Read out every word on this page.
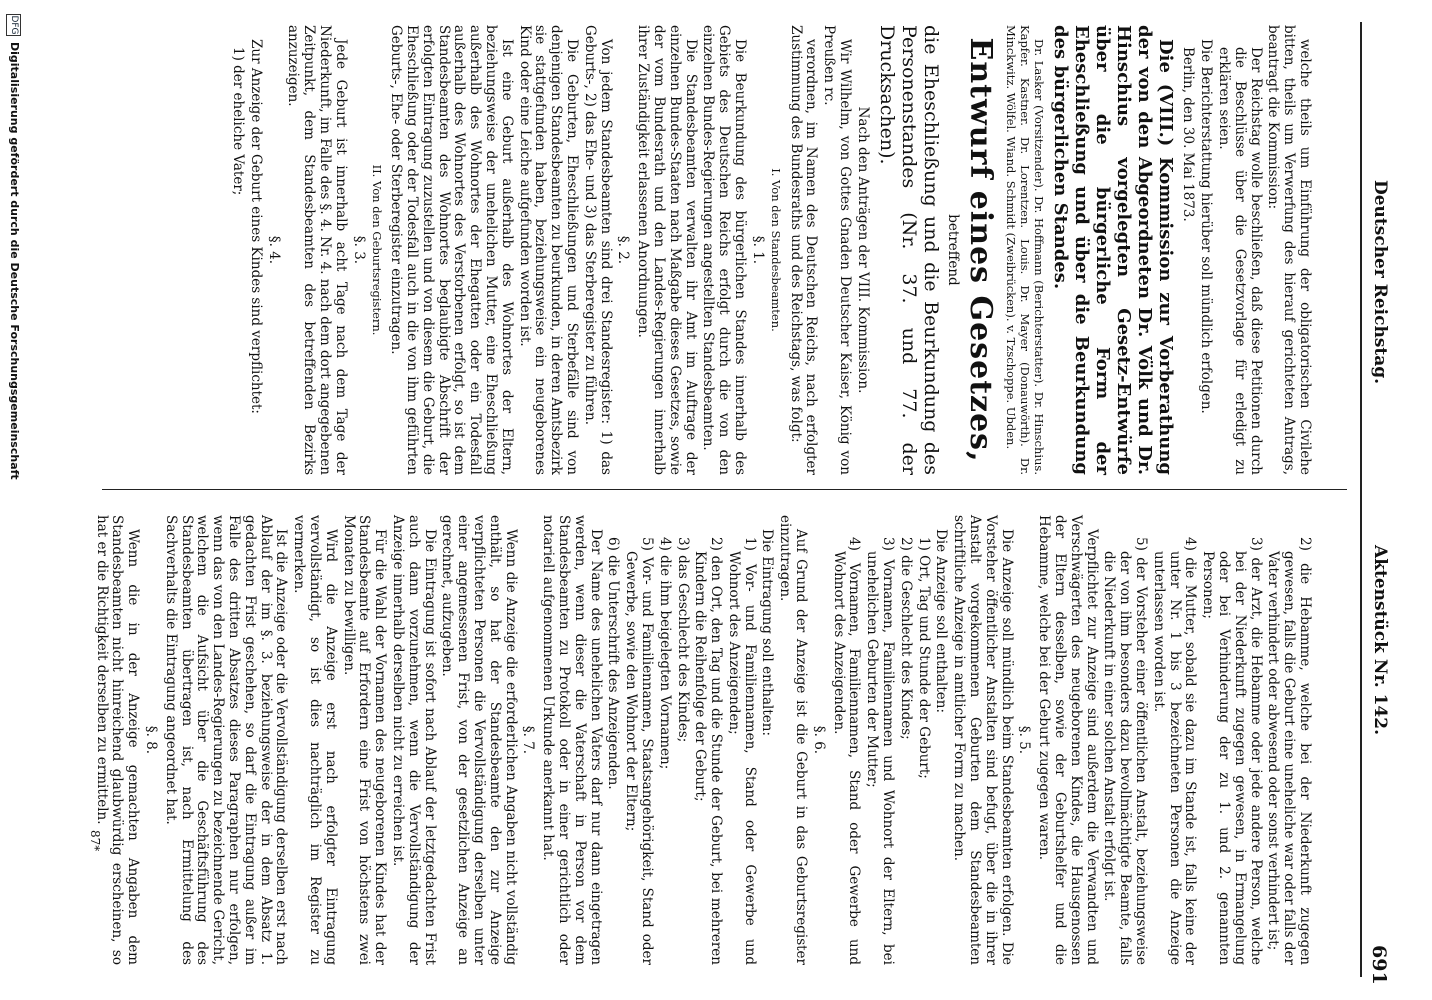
Deutscher Reichstag.
Aktenstück Nr. 142.
691

welche theils um Einführung der obligatorischen Civilehe bitten, theils um Verwerfung des hierauf gerichteten Antrags, beantragt die Kommission:

Der Reichstag wolle beschließen, daß diese Petitionen durch die Beschlüsse über die Gesetzvorlage für erledigt zu erklären seien.

Die Berichterstattung hierüber soll mündlich erfolgen.

Berlin, den 30. Mai 1873.

Die (VIII.) Kommission zur Vorberathung der von den Abgeordneten Dr. Völk und Dr. Hinschius vorgelegten Gesetz-Entwürfe über die bürgerliche Form der Eheschließung und über die Beurkundung des bürgerlichen Standes.

Dr. Lasker (Vorsitzender). Dr. Hoffmann (Berichterstatter). Dr. Hinschius. Kapfer. Kastner. Dr. Lorentzen. Louis. Dr. Mayer (Donauwörth). Dr. Minckwitz. Wölfel. Wiand. Schmidt (Zweibrücken). v. Tzschoppe. Ubden.

Entwurf eines Gesetzes,

betreffend

die Eheschließung und die Beurkundung des Personenstandes (Nr. 37. und 77. der Drucksachen).

Nach den Anträgen der VIII. Kommission.

Wir Wilhelm, von Gottes Gnaden Deutscher Kaiser, König von Preußen rc.

verordnen, im Namen des Deutschen Reichs, nach erfolgter Zustimmung des Bundesraths und des Reichstags, was folgt:

I. Von den Standesbeamten.

§. 1.

Die Beurkundung des bürgerlichen Standes innerhalb des Gebiets des Deutschen Reichs erfolgt durch die von den einzelnen Bundes-Regierungen angestellten Standesbeamten.

Die Standesbeamten verwalten ihr Amt im Auftrage der einzelnen Bundes-Staaten nach Maßgabe dieses Gesetzes, sowie der vom Bundesrath und den Landes-Regierungen innerhalb ihrer Zuständigkeit erlassenen Anordnungen.

§. 2.

Von jedem Standesbeamten sind drei Standesregister: 1) das Geburts-, 2) das Ehe- und 3) das Sterberegister zu führen.

Die Geburten, Eheschließungen und Sterbefälle sind von denjenigen Standesbeamten zu beurkunden, in deren Amtsbezirk sie stattgefunden haben, beziehungsweise ein neugeborenes Kind oder eine Leiche aufgefunden worden ist.

Ist eine Geburt außerhalb des Wohnortes der Eltern, beziehungsweise der unehelichen Mutter, eine Eheschließung außerhalb des Wohnortes der Ehegatten oder ein Todesfall außerhalb des Wohnortes des Verstorbenen erfolgt, so ist dem Standesbeamten des Wohnortes beglaubigte Abschrift der erfolgten Eintragung zuzustellen und von diesem die Geburt, die Eheschließung oder der Todesfall auch in die von ihm geführten Geburts-, Ehe- oder Sterberegister einzutragen.

II. Von den Geburtsregistern.

§. 3.

Jede Geburt ist innerhalb acht Tage nach dem Tage der Niederkunft, im Falle des §. 4. Nr. 4. nach dem dort angegebenen Zeitpunkt, dem Standesbeamten des betreffenden Bezirks anzuzeigen.

§. 4.

Zur Anzeige der Geburt eines Kindes sind verpflichtet:

1) der eheliche Vater;

2) die Hebamme, welche bei der Niederkunft zugegen gewesen, falls die Geburt eine uneheliche war oder falls der Vater verhindert oder abwesend oder sonst verhindert ist;

3) der Arzt, die Hebamme oder jede andere Person, welche bei der Niederkunft zugegen gewesen, in Ermangelung oder bei Verhinderung der zu 1. und 2. genannten Personen;

4) die Mutter, sobald sie dazu im Stande ist, falls keine der unter Nr. 1 bis 3 bezeichneten Personen die Anzeige unterlassen worden ist.

5) der Vorsteher einer öffentlichen Anstalt, beziehungsweise der von ihm besonders dazu bevollmächtigte Beamte, falls die Niederkunft in einer solchen Anstalt erfolgt ist.

Verpflichtet zur Anzeige sind außerdem die Verwandten und Verschwägerten des neugeborenen Kindes, die Hausgenossen der Eltern desselben, sowie der Geburtshelfer und die Hebamme, welche bei der Geburt zugegen waren.

§. 5.

Die Anzeige soll mündlich beim Standesbeamten erfolgen. Die Vorsteher öffentlicher Anstalten sind befugt, über die in ihrer Anstalt vorgekommenen Geburten dem Standesbeamten schriftliche Anzeige in amtlicher Form zu machen.

Die Anzeige soll enthalten:

1) Ort, Tag und Stunde der Geburt;

2) die Geschlecht des Kindes;

3) Vornamen, Familiennamen und Wohnort der Eltern, bei unehelichen Geburten der Mutter;

4) Vornamen, Familiennamen, Stand oder Gewerbe und Wohnort des Anzeigenden.

§. 6.

Auf Grund der Anzeige ist die Geburt in das Geburtsregister einzutragen.

Die Eintragung soll enthalten:

1) Vor- und Familiennamen, Stand oder Gewerbe und Wohnort des Anzeigenden;

2) den Ort, den Tag und die Stunde der Geburt, bei mehreren Kindern die Reihenfolge der Geburt;

3) das Geschlecht des Kindes;

4) die ihm beigelegten Vornamen;

5) Vor- und Familiennamen, Staatsangehörigkeit, Stand oder Gewerbe, sowie den Wohnort der Eltern;

6) die Unterschrift des Anzeigenden.

Der Name des unehelichen Vaters darf nur dann eingetragen werden, wenn dieser die Vaterschaft in Person vor dem Standesbeamten zu Protokoll oder in einer gerichtlich oder notariell aufgenommenen Urkunde anerkannt hat.

§. 7.

Wenn die Anzeige die erforderlichen Angaben nicht vollständig enthält, so hat der Standesbeamte den zur Anzeige verpflichteten Personen die Vervollständigung derselben unter einer angemessenen Frist, von der gesetzlichen Anzeige an gerechnet, aufzugeben.

Die Eintragung ist sofort nach Ablauf der letztgedachten Frist auch dann vorzunehmen, wenn die Vervollständigung der Anzeige innerhalb derselben nicht zu erreichen ist.

Für die Wahl der Vornamen des neugeborenen Kindes hat der Standesbeamte auf Erfordern eine Frist von höchstens zwei Monaten zu bewilligen.

Wird die Anzeige erst nach erfolgter Eintragung vervollständigt, so ist dies nachträglich im Register zu vermerken.

Ist die Anzeige oder die Vervollständigung derselben erst nach Ablauf der im §. 3. beziehungsweise der in dem Absatz 1. gedachten Frist geschehen, so darf die Eintragung außer im Falle des dritten Absatzes dieses Paragraphen nur erfolgen, wenn das von den Landes-Regierungen zu bezeichnende Gericht, welchem die Aufsicht über die Geschäftsführung des Standesbeamten übertragen ist, nach Ermittelung des Sachverhalts die Eintragung angeordnet hat.

§. 8.

Wenn die in der Anzeige gemachten Angaben dem Standesbeamten nicht hinreichend glaubwürdig erscheinen, so hat er die Richtigkeit derselben zu ermitteln.

87*
DFG
Digitalisierung gefördert durch die Deutsche Forschungsgemeinschaft
